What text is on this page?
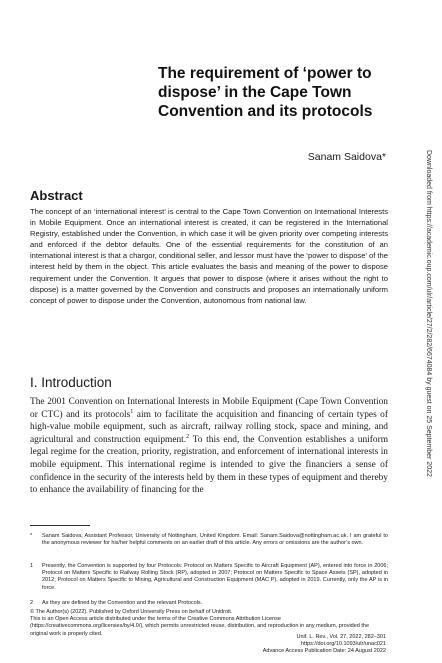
The requirement of ‘power to dispose’ in the Cape Town Convention and its protocols
Sanam Saidova*
Abstract
The concept of an ‘international interest’ is central to the Cape Town Convention on International Interests in Mobile Equipment. Once an international interest is created, it can be registered in the International Registry, established under the Convention, in which case it will be given priority over competing interests and enforced if the debtor defaults. One of the essential requirements for the constitution of an international interest is that a chargor, conditional seller, and lessor must have the ‘power to dispose’ of the interest held by them in the object. This article evaluates the basis and meaning of the power to dispose requirement under the Convention. It argues that power to dispose (where it arises without the right to dispose) is a matter governed by the Convention and constructs and proposes an internationally uniform concept of power to dispose under the Convention, autonomous from national law.
I. Introduction
The 2001 Convention on International Interests in Mobile Equipment (Cape Town Convention or CTC) and its protocols$^1$ aim to facilitate the acquisition and financing of certain types of high-value mobile equipment, such as aircraft, railway rolling stock, space and mining, and agricultural and construction equipment.$^2$ To this end, the Convention establishes a uniform legal regime for the creation, priority, registration, and enforcement of international interests in mobile equipment. This international regime is intended to give the financiers a sense of confidence in the security of the interests held by them in these types of equipment and thereby to enhance the availability of financing for the
*	Sanam Saidova, Assistant Professor, University of Nottingham, United Kingdom. Email: Sanam.Saidova@nottingham.ac.uk. I am grateful to the anonymous reviewer for his/her helpful comments on an earlier draft of this article. Any errors or omissions are the author’s own.
1	Presently, the Convention is supported by four Protocols: Protocol on Matters Specific to Aircraft Equipment (AP), entered into force in 2006; Protocol on Matters Specific to Railway Rolling Stock (RP), adopted in 2007; Protocol on Matters Specific to Space Assets (SP), adopted in 2012; Protocol on Matters Specific to Mining, Agricultural and Construction Equipment (MAC P), adopted in 2019. Currently, only the AP is in force.
2	As they are defined by the Convention and the relevant Protocols.
© The Author(s) (2022). Published by Oxford University Press on behalf of Unidroit.
This is an Open Access article distributed under the terms of the Creative Commons Attribution License (https://creativecommons.org/licenses/by/4.0/), which permits unrestricted reuse, distribution, and reproduction in any medium, provided the original work is properly cited.
Unif. L. Rev., Vol. 27, 2022, 282–301
https://doi.org/10.1093/ulr/unac021
Advance Access Publication Date: 24 August 2022
Downloaded from https://academic.oup.com/ulr/article/27/2/282/6674084 by guest on 25 September 2022
